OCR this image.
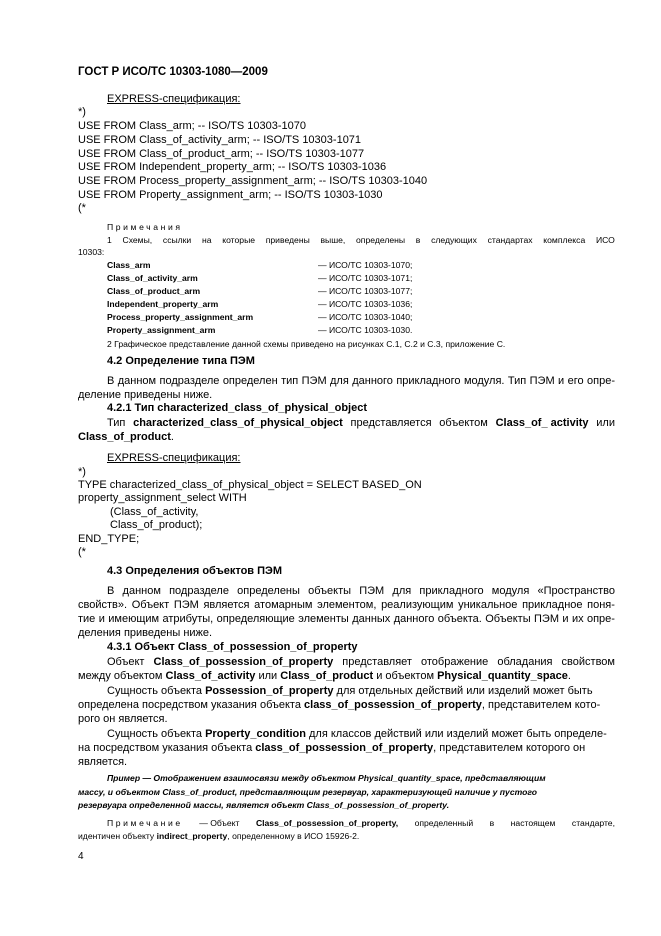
ГОСТ Р ИСО/ТС 10303-1080—2009
EXPRESS-спецификация:
*)
USE FROM Class_arm; -- ISO/TS 10303-1070
USE FROM Class_of_activity_arm; -- ISO/TS 10303-1071
USE FROM Class_of_product_arm; -- ISO/TS 10303-1077
USE FROM Independent_property_arm; -- ISO/TS 10303-1036
USE FROM Process_property_assignment_arm; -- ISO/TS 10303-1040
USE FROM Property_assignment_arm; -- ISO/TS 10303-1030
(*
Примечания
1 Схемы, ссылки на которые приведены выше, определены в следующих стандартах комплекса ИСО
10303:
Class_arm	— ИСО/ТС 10303-1070;
Class_of_activity_arm	— ИСО/ТС 10303-1071;
Class_of_product_arm	— ИСО/ТС 10303-1077;
Independent_property_arm	— ИСО/ТС 10303-1036;
Process_property_assignment_arm	— ИСО/ТС 10303-1040;
Property_assignment_arm	— ИСО/ТС 10303-1030.
2 Графическое представление данной схемы приведено на рисунках С.1, С.2 и С.3, приложение С.
4.2 Определение типа ПЭМ
В данном подразделе определен тип ПЭМ для данного прикладного модуля. Тип ПЭМ и его опре-
деление приведены ниже.
4.2.1 Тип characterized_class_of_physical_object
Тип characterized_class_of_physical_object представляется объектом Class_of_ activity или
Class_of_product.
EXPRESS-спецификация:
*)
TYPE characterized_class_of_physical_object = SELECT BASED_ON
property_assignment_select WITH
(Class_of_activity,
Class_of_product);
END_TYPE;
(*
4.3 Определения объектов ПЭМ
В данном подразделе определены объекты ПЭМ для прикладного модуля «Пространство
свойств». Объект ПЭМ является атомарным элементом, реализующим уникальное прикладное поня-
тие и имеющим атрибуты, определяющие элементы данных данного объекта. Объекты ПЭМ и их опре-
деления приведены ниже.
4.3.1 Объект Class_of_possession_of_property
Объект Class_of_possession_of_property представляет отображение обладания свойством
между объектом Class_of_activity или Class_of_product и объектом Physical_quantity_space.
Сущность объекта Possession_of_property для отдельных действий или изделий может быть
определена посредством указания объекта class_of_possession_of_property, представителем кото-
рого он является.
Сущность объекта Property_condition для классов действий или изделий может быть определе-
на посредством указания объекта class_of_possession_of_property, представителем которого он
является.
Пример — Отображением взаимосвязи между объектом Physical_quantity_space, представляющим
массу, и объектом Class_of_product, представляющим резервуар, характеризующей наличие у пустого
резервуара определенной массы, является объект Class_of_possession_of_property.
Примечание — Объект Class_of_possession_of_property, определенный в настоящем стандарте,
идентичен объекту indirect_property, определенному в ИСО 15926-2.
4
